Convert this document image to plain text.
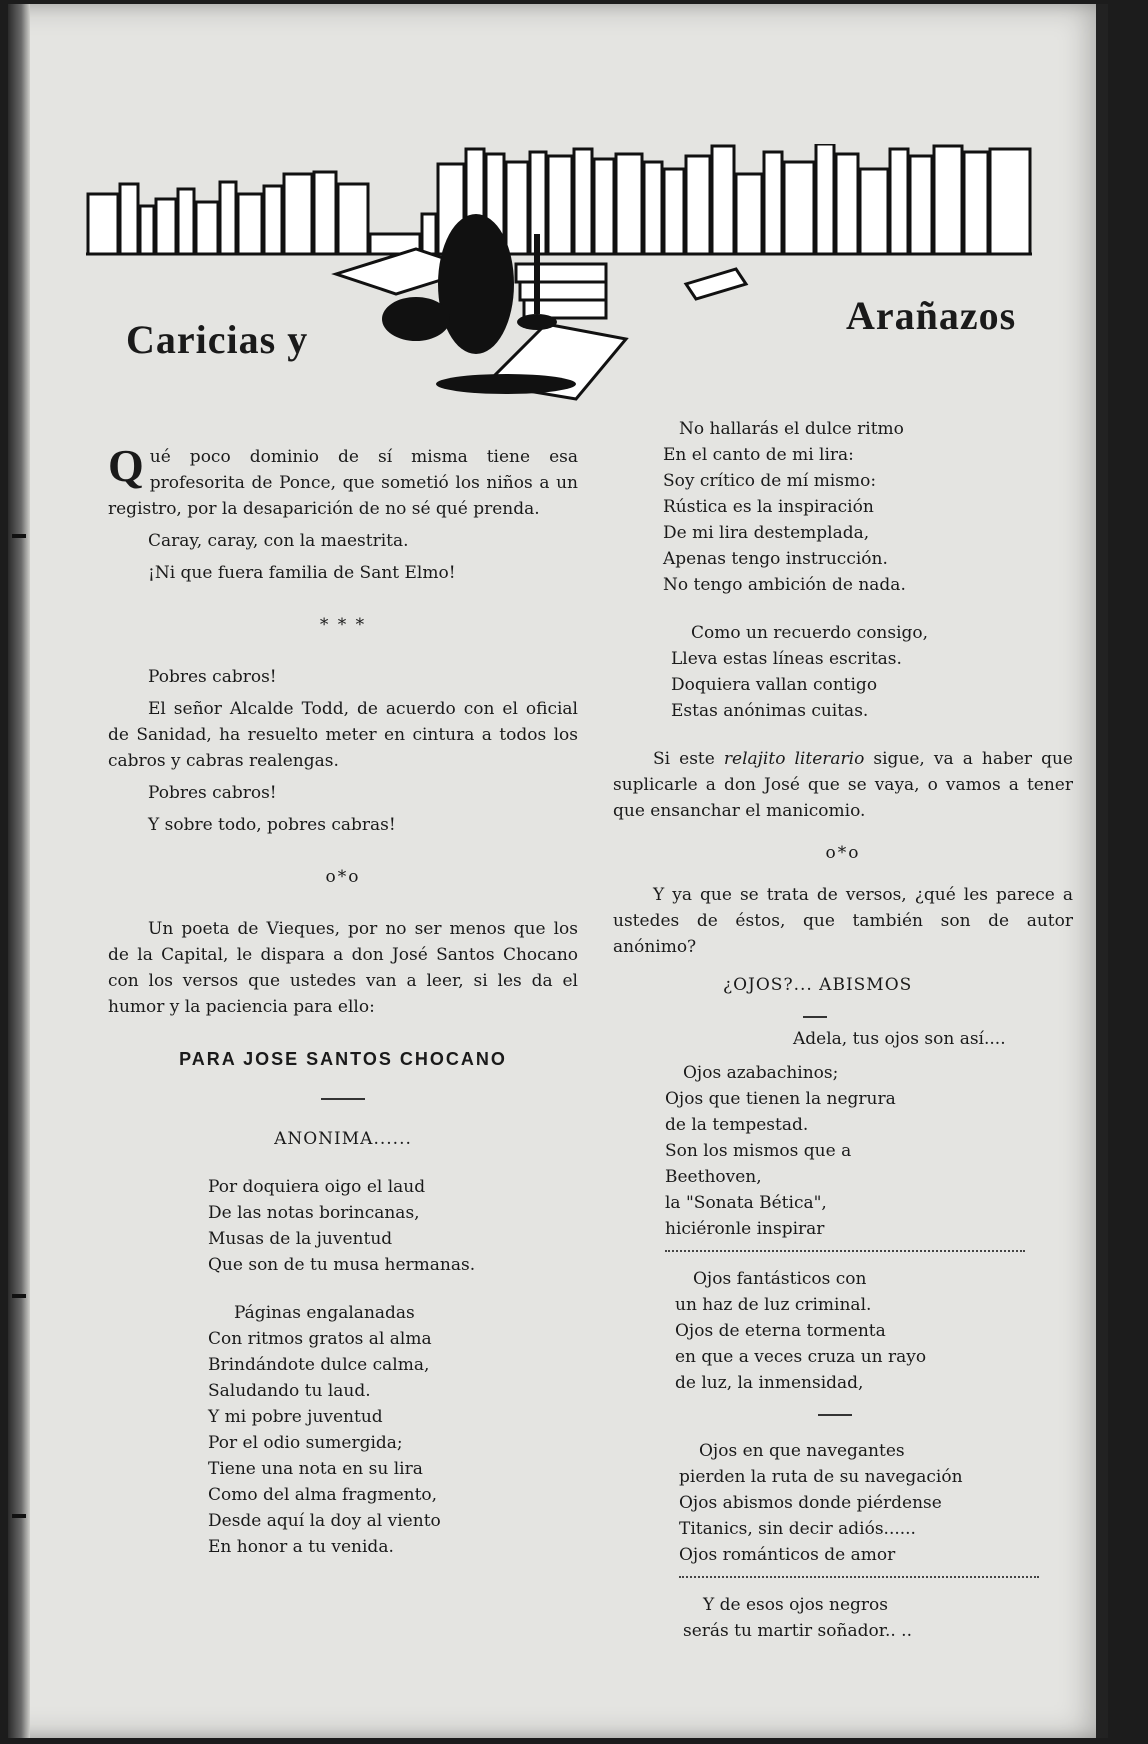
Caricias y
Arañazos

Qué poco dominio de sí misma tiene esa profesorita de Ponce, que sometió los niños a un registro, por la desaparición de no sé qué prenda.

Caray, caray, con la maestrita.

¡Ni que fuera familia de Sant Elmo!

* * *

Pobres cabros!

El señor Alcalde Todd, de acuerdo con el oficial de Sanidad, ha resuelto meter en cintura a todos los cabros y cabras realengas.

Pobres cabros!

Y sobre todo, pobres cabras!

o*o

Un poeta de Vieques, por no ser menos que los de la Capital, le dispara a don José Santos Chocano con los versos que ustedes van a leer, si les da el humor y la paciencia para ello:

PARA JOSE SANTOS CHOCANO
ANONIMA......
Por doquiera oigo el laud
De las notas borincanas,
Musas de la juventud
Que son de tu musa hermanas.
Páginas engalanadas
Con ritmos gratos al alma
Brindándote dulce calma,
Saludando tu laud.
Y mi pobre juventud
Por el odio sumergida;
Tiene una nota en su lira
Como del alma fragmento,
Desde aquí la doy al viento
En honor a tu venida.
No hallarás el dulce ritmo
En el canto de mi lira:
Soy crítico de mí mismo:
Rústica es la inspiración
De mi lira destemplada,
Apenas tengo instrucción.
No tengo ambición de nada.
Como un recuerdo consigo,
Lleva estas líneas escritas.
Doquiera vallan contigo
Estas anónimas cuitas.

Si este relajito literario sigue, va a haber que suplicarle a don José que se vaya, o vamos a tener que ensanchar el manicomio.

o*o

Y ya que se trata de versos, ¿qué les parece a ustedes de éstos, que también son de autor anónimo?

¿OJOS?... ABISMOS
Adela, tus ojos son así....
Ojos azabachinos;
Ojos que tienen la negrura
de la tempestad.
Son los mismos que a
Beethoven,
la "Sonata Bética",
hiciéronle inspirar
Ojos fantásticos con
un haz de luz criminal.
Ojos de eterna tormenta
en que a veces cruza un rayo
de luz, la inmensidad,
Ojos en que navegantes
pierden la ruta de su navegación
Ojos abismos donde piérdense
Titanics, sin decir adiós......
Ojos románticos de amor
Y de esos ojos negros
serás tu martir soñador.. ..
